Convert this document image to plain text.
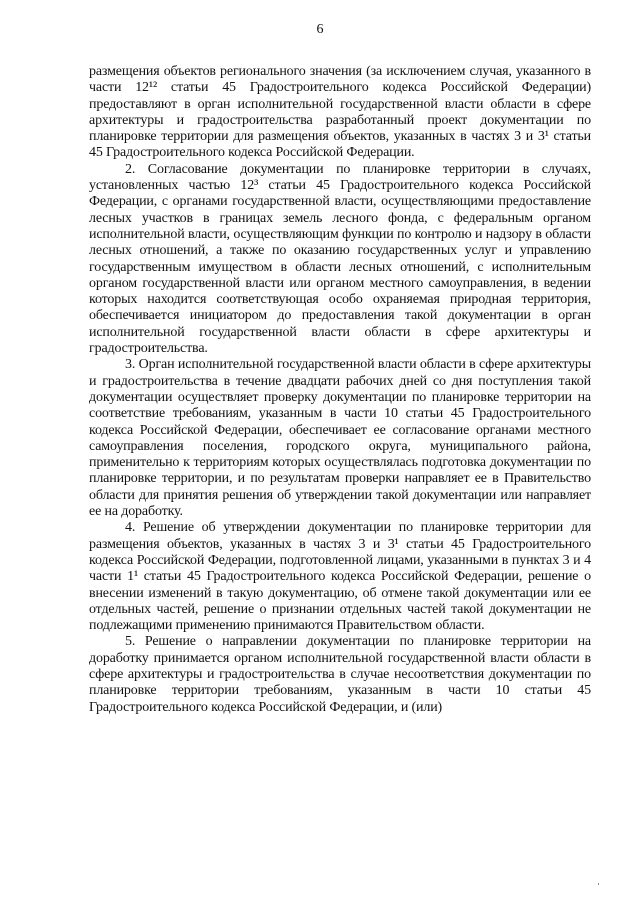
6

размещения объектов регионального значения (за исключением случая, указанного в части 12¹² статьи 45 Градостроительного кодекса Российской Федерации) предоставляют в орган исполнительной государственной власти области в сфере архитектуры и градостроительства разработанный проект документации по планировке территории для размещения объектов, указанных в частях 3 и 3¹ статьи 45 Градостроительного кодекса Российской Федерации.

2. Согласование документации по планировке территории в случаях, установленных частью 12³ статьи 45 Градостроительного кодекса Российской Федерации, с органами государственной власти, осуществляющими предоставление лесных участков в границах земель лесного фонда, с федеральным органом исполнительной власти, осуществляющим функции по контролю и надзору в области лесных отношений, а также по оказанию государственных услуг и управлению государственным имуществом в области лесных отношений, с исполнительным органом государственной власти или органом местного самоуправления, в ведении которых находится соответствующая особо охраняемая природная территория, обеспечивается инициатором до предоставления такой документации в орган исполнительной государственной власти области в сфере архитектуры и градостроительства.

3. Орган исполнительной государственной власти области в сфере архитектуры и градостроительства в течение двадцати рабочих дней со дня поступления такой документации осуществляет проверку документации по планировке территории на соответствие требованиям, указанным в части 10 статьи 45 Градостроительного кодекса Российской Федерации, обеспечивает ее согласование органами местного самоуправления поселения, городского округа, муниципального района, применительно к территориям которых осуществлялась подготовка документации по планировке территории, и по результатам проверки направляет ее в Правительство области для принятия решения об утверждении такой документации или направляет ее на доработку.

4. Решение об утверждении документации по планировке территории для размещения объектов, указанных в частях 3 и 3¹ статьи 45 Градостроительного кодекса Российской Федерации, подготовленной лицами, указанными в пунктах 3 и 4 части 1¹ статьи 45 Градостроительного кодекса Российской Федерации, решение о внесении изменений в такую документацию, об отмене такой документации или ее отдельных частей, решение о признании отдельных частей такой документации не подлежащими применению принимаются Правительством области.

5. Решение о направлении документации по планировке территории на доработку принимается органом исполнительной государственной власти области в сфере архитектуры и градостроительства в случае несоответствия документации по планировке территории требованиям, указанным в части 10 статьи 45 Градостроительного кодекса Российской Федерации, и (или)
